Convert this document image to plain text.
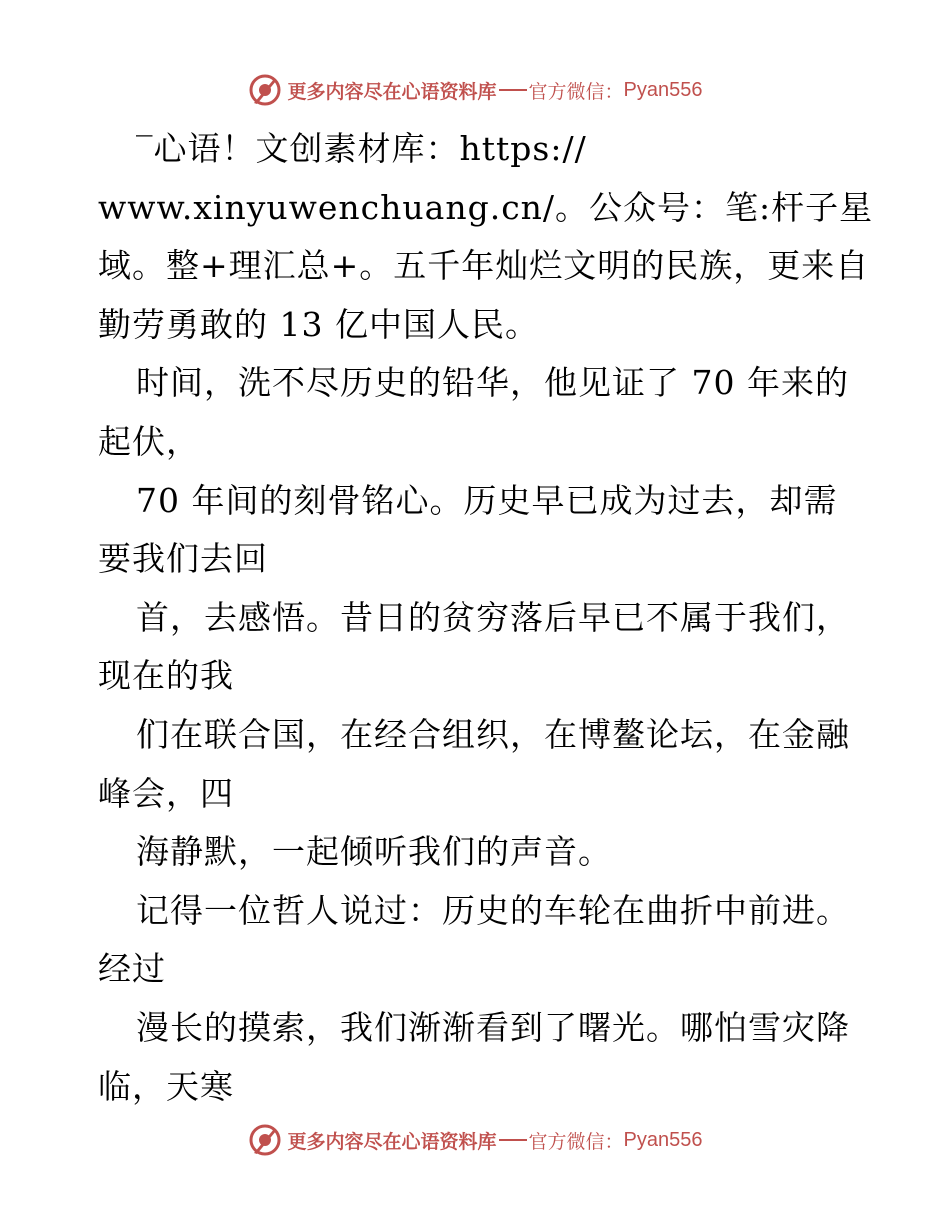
更多内容尽在心语资料库 官方微信： Pyan556
‾心语！文创素材库：https://
www.xinyuwenchuang.cn/。公众号：笔:杆子星
域。整+理汇总+。五千年灿烂文明的民族，更来自
勤劳勇敢的 13 亿中国人民。
时间，洗不尽历史的铅华，他见证了 70 年来的
起伏，
70 年间的刻骨铭心。历史早已成为过去，却需
要我们去回
首，去感悟。昔日的贫穷落后早已不属于我们，
现在的我
们在联合国，在经合组织，在博鳌论坛，在金融
峰会，四
海静默，一起倾听我们的声音。
记得一位哲人说过：历史的车轮在曲折中前进。
经过
漫长的摸索，我们渐渐看到了曙光。哪怕雪灾降
临，天寒
更多内容尽在心语资料库 官方微信： Pyan556
